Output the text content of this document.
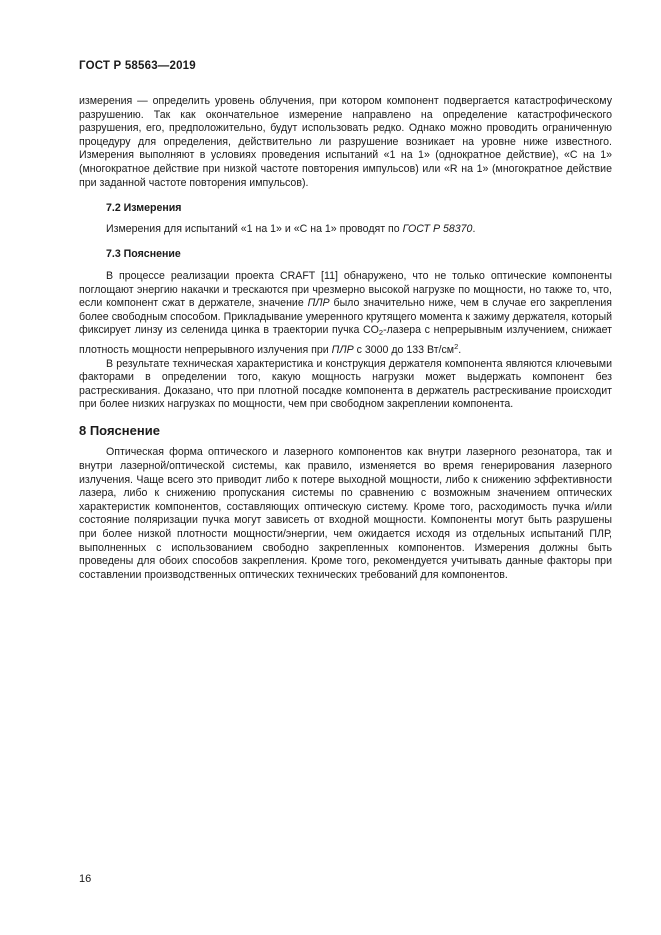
ГОСТ Р 58563—2019

измерения — определить уровень облучения, при котором компонент подвергается катастрофическому разрушению. Так как окончательное измерение направлено на определение катастрофического разрушения, его, предположительно, будут использовать редко. Однако можно проводить ограниченную процедуру для определения, действительно ли разрушение возникает на уровне ниже известного. Измерения выполняют в условиях проведения испытаний «1 на 1» (однократное действие), «С на 1» (многократное действие при низкой частоте повторения импульсов) или «R на 1» (многократное действие при заданной частоте повторения импульсов).

7.2 Измерения

Измерения для испытаний «1 на 1» и «С на 1» проводят по ГОСТ Р 58370.

7.3 Пояснение

В процессе реализации проекта CRAFT [11] обнаружено, что не только оптические компоненты поглощают энергию накачки и трескаются при чрезмерно высокой нагрузке по мощности, но также то, что, если компонент сжат в держателе, значение ПЛР было значительно ниже, чем в случае его закрепления более свободным способом. Прикладывание умеренного крутящего момента к зажиму держателя, который фиксирует линзу из селенида цинка в траектории пучка $CO_2$-лазера с непрерывным излучением, снижает плотность мощности непрерывного излучения при ПЛР с 3000 до 133 $Вт/см^2$.

В результате техническая характеристика и конструкция держателя компонента являются ключевыми факторами в определении того, какую мощность нагрузки может выдержать компонент без растрескивания. Доказано, что при плотной посадке компонента в держатель растрескивание происходит при более низких нагрузках по мощности, чем при свободном закреплении компонента.

8 Пояснение

Оптическая форма оптического и лазерного компонентов как внутри лазерного резонатора, так и внутри лазерной/оптической системы, как правило, изменяется во время генерирования лазерного излучения. Чаще всего это приводит либо к потере выходной мощности, либо к снижению эффективности лазера, либо к снижению пропускания системы по сравнению с возможным значением оптических характеристик компонентов, составляющих оптическую систему. Кроме того, расходимость пучка и/или состояние поляризации пучка могут зависеть от входной мощности. Компоненты могут быть разрушены при более низкой плотности мощности/энергии, чем ожидается исходя из отдельных испытаний ПЛР, выполненных с использованием свободно закрепленных компонентов. Измерения должны быть проведены для обоих способов закрепления. Кроме того, рекомендуется учитывать данные факторы при составлении производственных оптических технических требований для компонентов.

16
